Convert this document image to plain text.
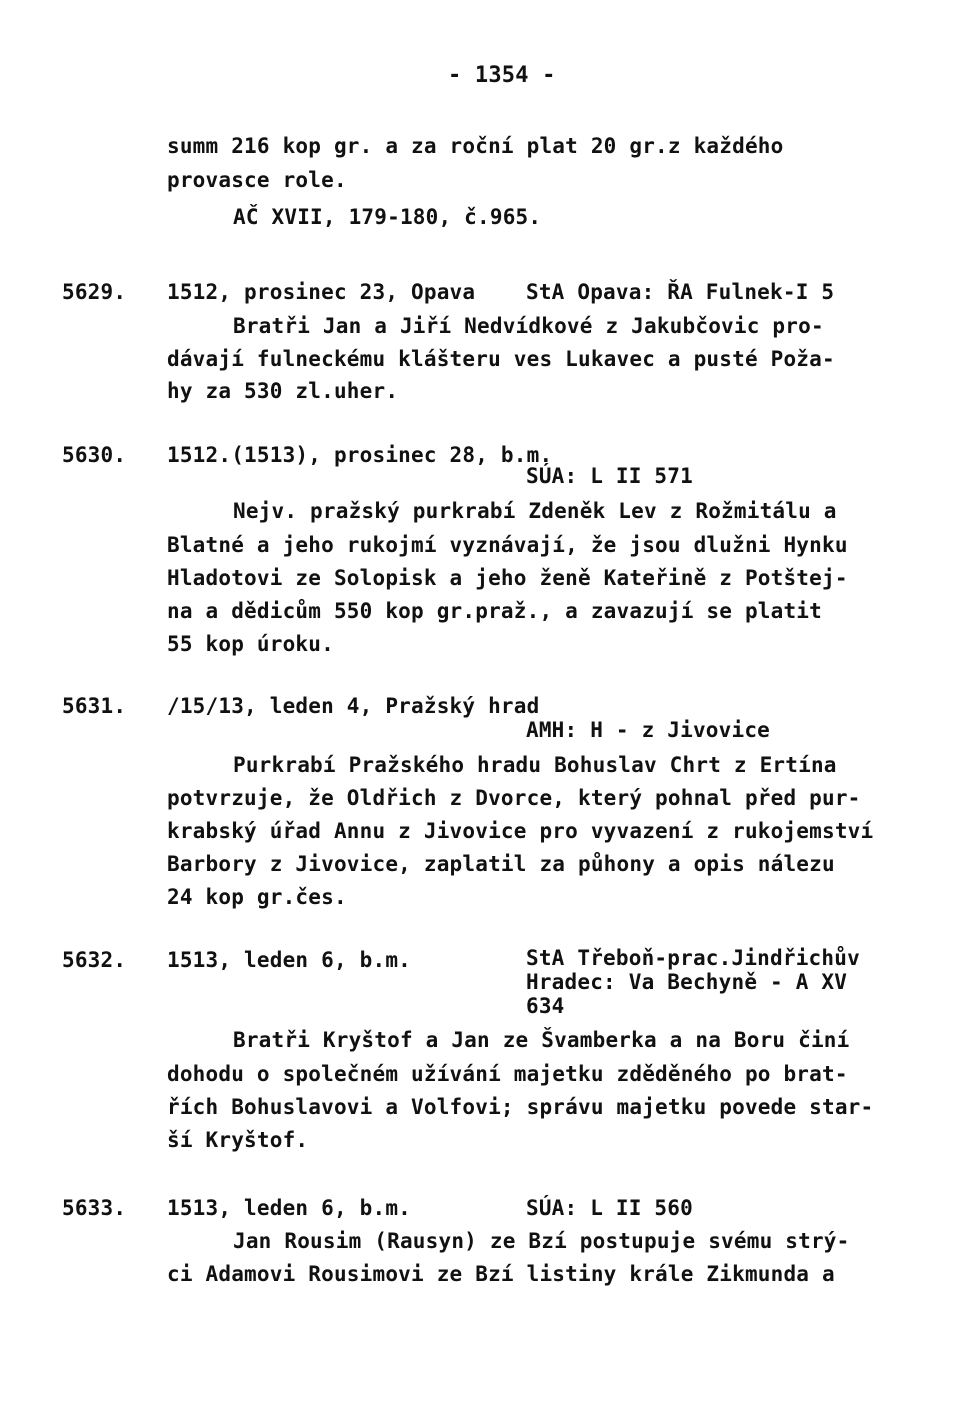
- 1354 -
summ 216 kop gr. a za roční plat 20 gr.z každého
provasce role.
AČ XVII, 179-180, č.965.
5629. 1512, prosinec 23, Opava StA Opava: ŘA Fulnek-I 5
Bratři Jan a Jiří Nedvídkové z Jakubčovic pro-
dávají fulneckému klášteru ves Lukavec a pusté Poža-
hy za 530 zl.uher.
5630. 1512.(1513), prosinec 28, b.m.
SÚA: L II 571
Nejv. pražský purkrabí Zdeněk Lev z Rožmitálu a
Blatné a jeho rukojmí vyznávají, že jsou dlužni Hynku
Hladotovi ze Solopisk a jeho ženě Kateřině z Potštej-
na a dědicům 550 kop gr.praž., a zavazují se platit
55 kop úroku.
5631. /15/13, leden 4, Pražský hrad
AMH: H - z Jivovice
Purkrabí Pražského hradu Bohuslav Chrt z Ertína
potvrzuje, že Oldřich z Dvorce, který pohnal před pur-
krabský úřad Annu z Jivovice pro vyvazení z rukojemství
Barbory z Jivovice, zaplatil za půhony a opis nálezu
24 kop gr.čes.
5632. 1513, leden 6, b.m.	StA Třeboň-prac.Jindřichův
Hradec: Va Bechyně - A XV
634
Bratři Kryštof a Jan ze Švamberka a na Boru činí
dohodu o společném užívání majetku zděděného po brat-
řích Bohuslavovi a Volfovi; správu majetku povede star-
ší Kryštof.
5633. 1513, leden 6, b.m.	SÚA: L II 560
Jan Rousim (Rausyn) ze Bzí postupuje svému strý-
ci Adamovi Rousimovi ze Bzí listiny krále Zikmunda a
